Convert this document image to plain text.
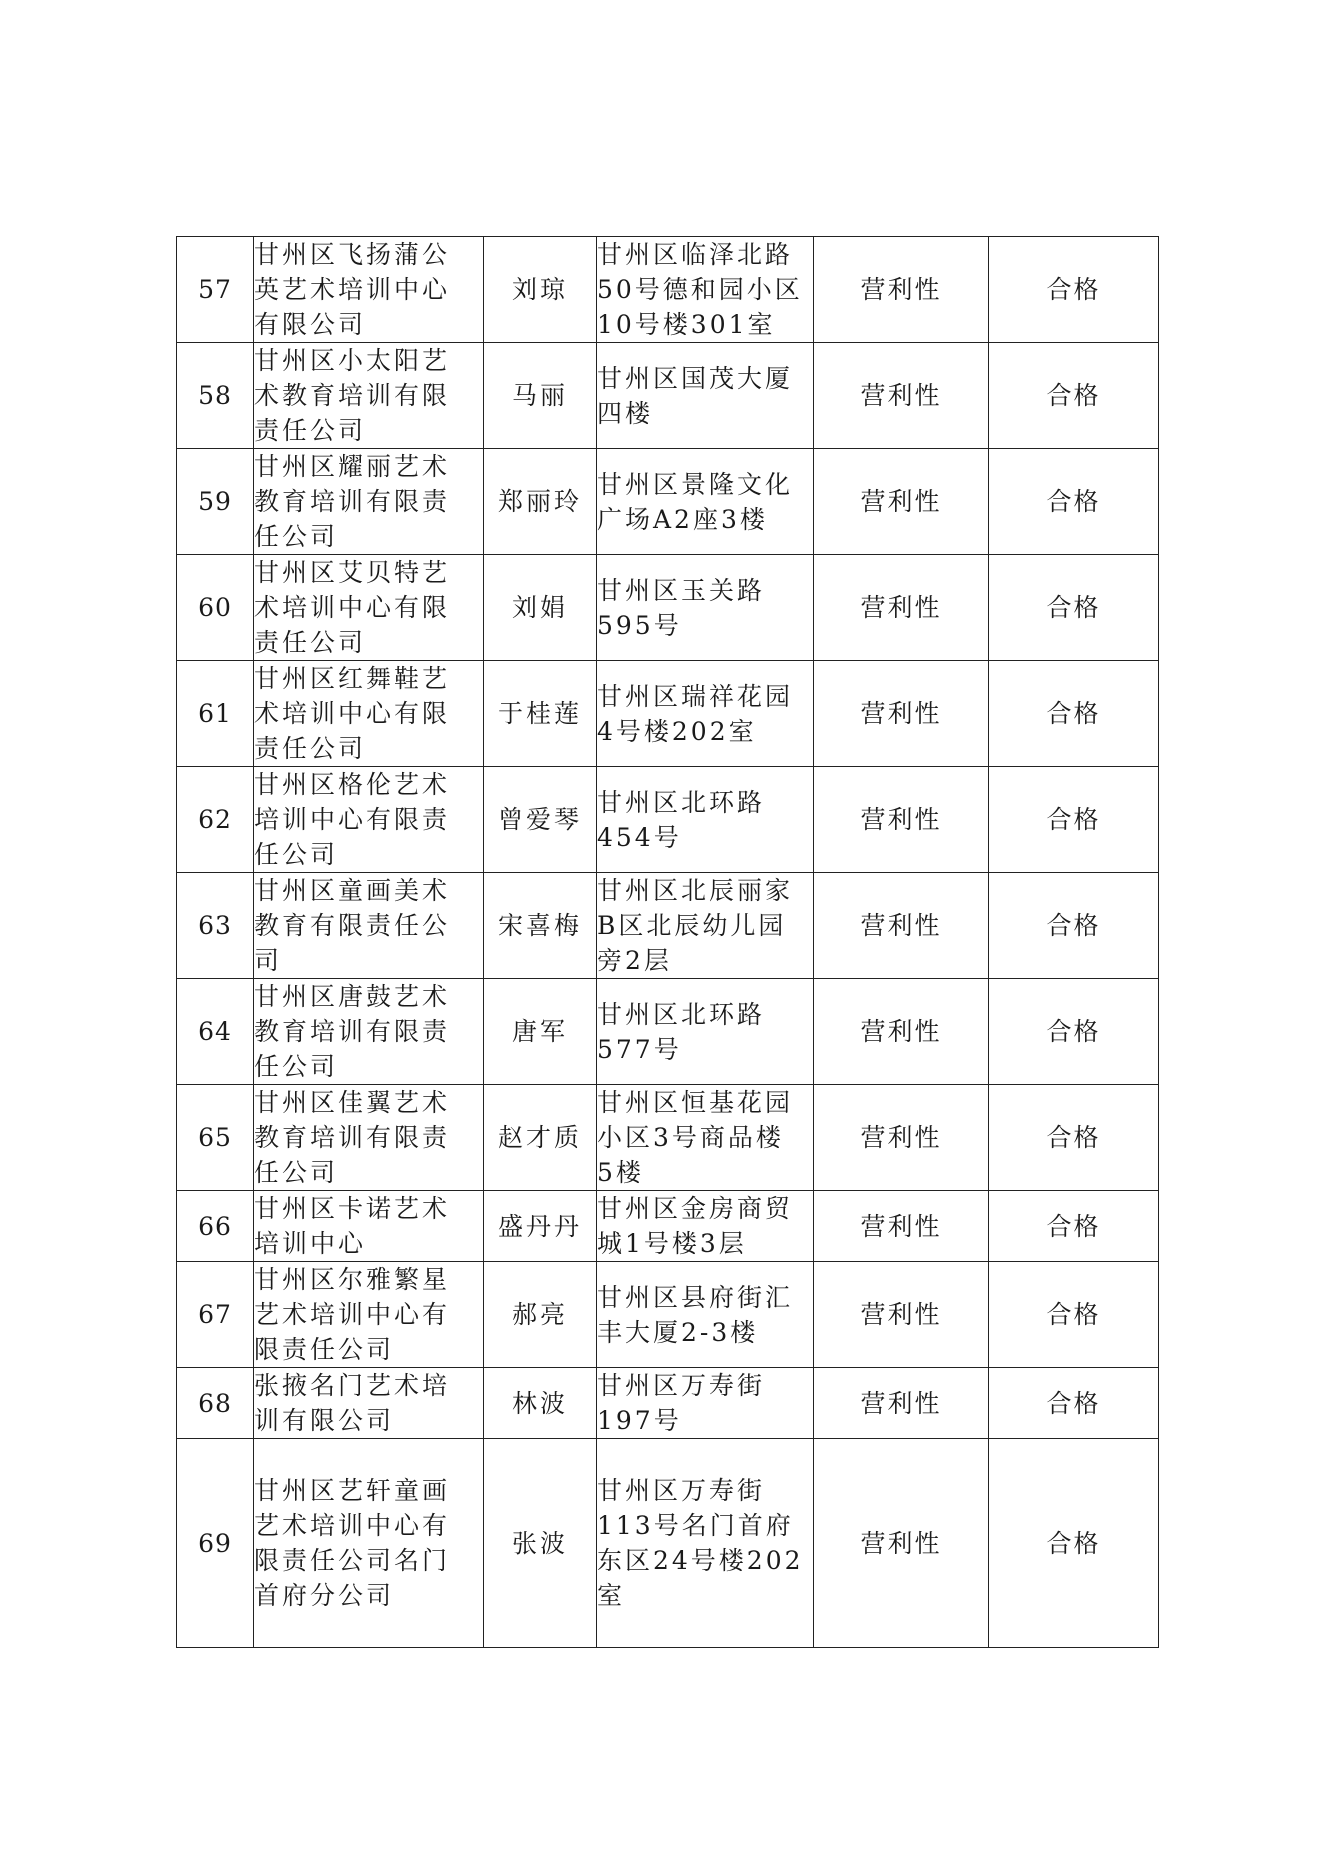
57	甘州区飞扬蒲公
英艺术培训中心
有限公司	刘琼	甘州区临泽北路
50号德和园小区
10号楼301室	营利性	合格
58	甘州区小太阳艺
术教育培训有限
责任公司	马丽	甘州区国茂大厦
四楼	营利性	合格
59	甘州区耀丽艺术
教育培训有限责
任公司	郑丽玲	甘州区景隆文化
广场A2座3楼	营利性	合格
60	甘州区艾贝特艺
术培训中心有限
责任公司	刘娟	甘州区玉关路
595号	营利性	合格
61	甘州区红舞鞋艺
术培训中心有限
责任公司	于桂莲	甘州区瑞祥花园
4号楼202室	营利性	合格
62	甘州区格伦艺术
培训中心有限责
任公司	曾爱琴	甘州区北环路
454号	营利性	合格
63	甘州区童画美术
教育有限责任公
司	宋喜梅	甘州区北辰丽家
B区北辰幼儿园
旁2层	营利性	合格
64	甘州区唐鼓艺术
教育培训有限责
任公司	唐军	甘州区北环路
577号	营利性	合格
65	甘州区佳翼艺术
教育培训有限责
任公司	赵才质	甘州区恒基花园
小区3号商品楼
5楼	营利性	合格
66	甘州区卡诺艺术
培训中心	盛丹丹	甘州区金房商贸
城1号楼3层	营利性	合格
67	甘州区尔雅繁星
艺术培训中心有
限责任公司	郝亮	甘州区县府街汇
丰大厦2-3楼	营利性	合格
68	张掖名门艺术培
训有限公司	林波	甘州区万寿街
197号	营利性	合格
69	甘州区艺轩童画
艺术培训中心有
限责任公司名门
首府分公司	张波	甘州区万寿街
113号名门首府
东区24号楼202
室	营利性	合格
